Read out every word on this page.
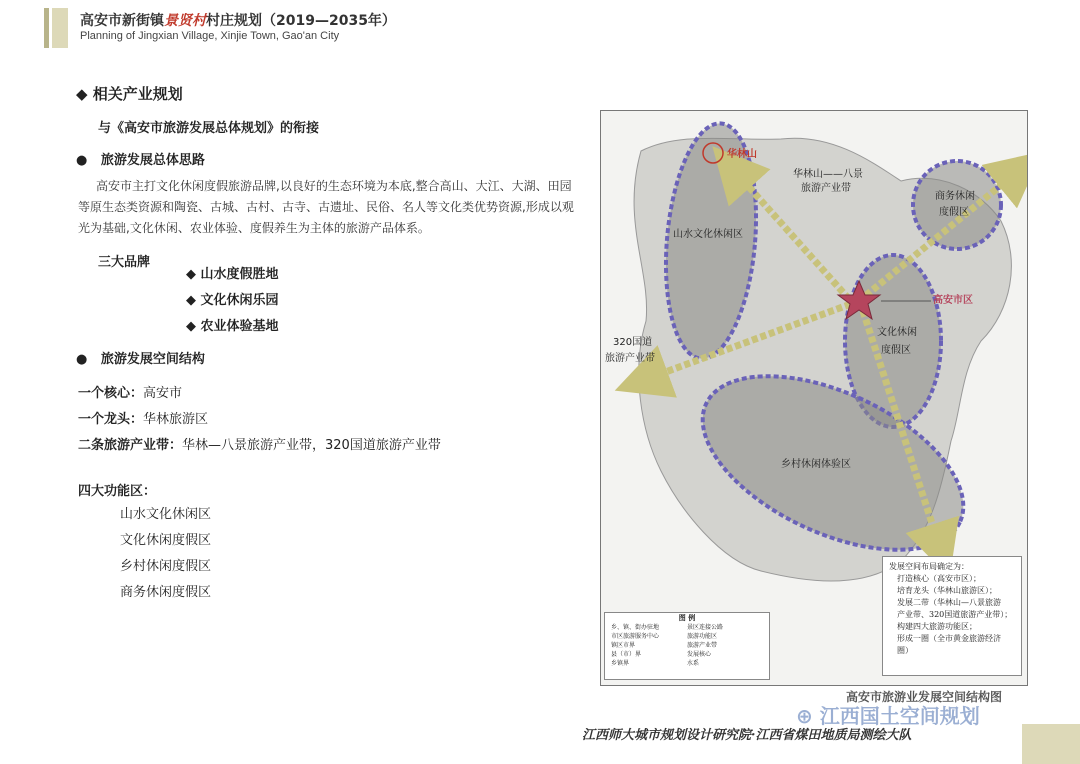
高安市新街镇景贤村村庄规划（2019—2035年）
Planning of Jingxian Village, Xinjie Town, Gao'an City
◆ 相关产业规划
与《高安市旅游发展总体规划》的衔接
●   旅游发展总体思路
高安市主打文化休闲度假旅游品牌,以良好的生态环境为本底,整合高山、大江、大湖、田园等原生态类资源和陶瓷、古城、古村、古寺、古遗址、民俗、名人等文化类优势资源,形成以观光为基础,文化休闲、农业体验、度假养生为主体的旅游产品体系。
三大品牌
◆ 山水度假胜地
◆ 文化休闲乐园
◆ 农业体验基地
●   旅游发展空间结构
一个核心：高安市
一个龙头：华林旅游区
二条旅游产业带：华林—八景旅游产业带，320国道旅游产业带
四大功能区：
山水文化休闲区
文化休闲度假区
乡村休闲度假区
商务休闲度假区
华林山
华林山——八景
旅游产业带
商务休闲
度假区
山水文化休闲区
高安市区
文化休闲
度假区
320国道
旅游产业带
乡村休闲体验区
图 例
乡、镇、街办驻地	景区连接公路
市区旅游服务中心	旅游功能区
镇区市界	旅游产业带
县（市）界	发展核心
乡镇界	水系
发展空间布局确定为：
打造核心（高安市区）；
培育龙头（华林山旅游区）；
发展二带（华林山—八景旅游
产业带、320国道旅游产业带）；
构建四大旅游功能区；
形成一圈（全市黄金旅游经济
圈）
高安市旅游业发展空间结构图
⊕ 江西国土空间规划
江西师大城市规划设计研究院·江西省煤田地质局测绘大队
